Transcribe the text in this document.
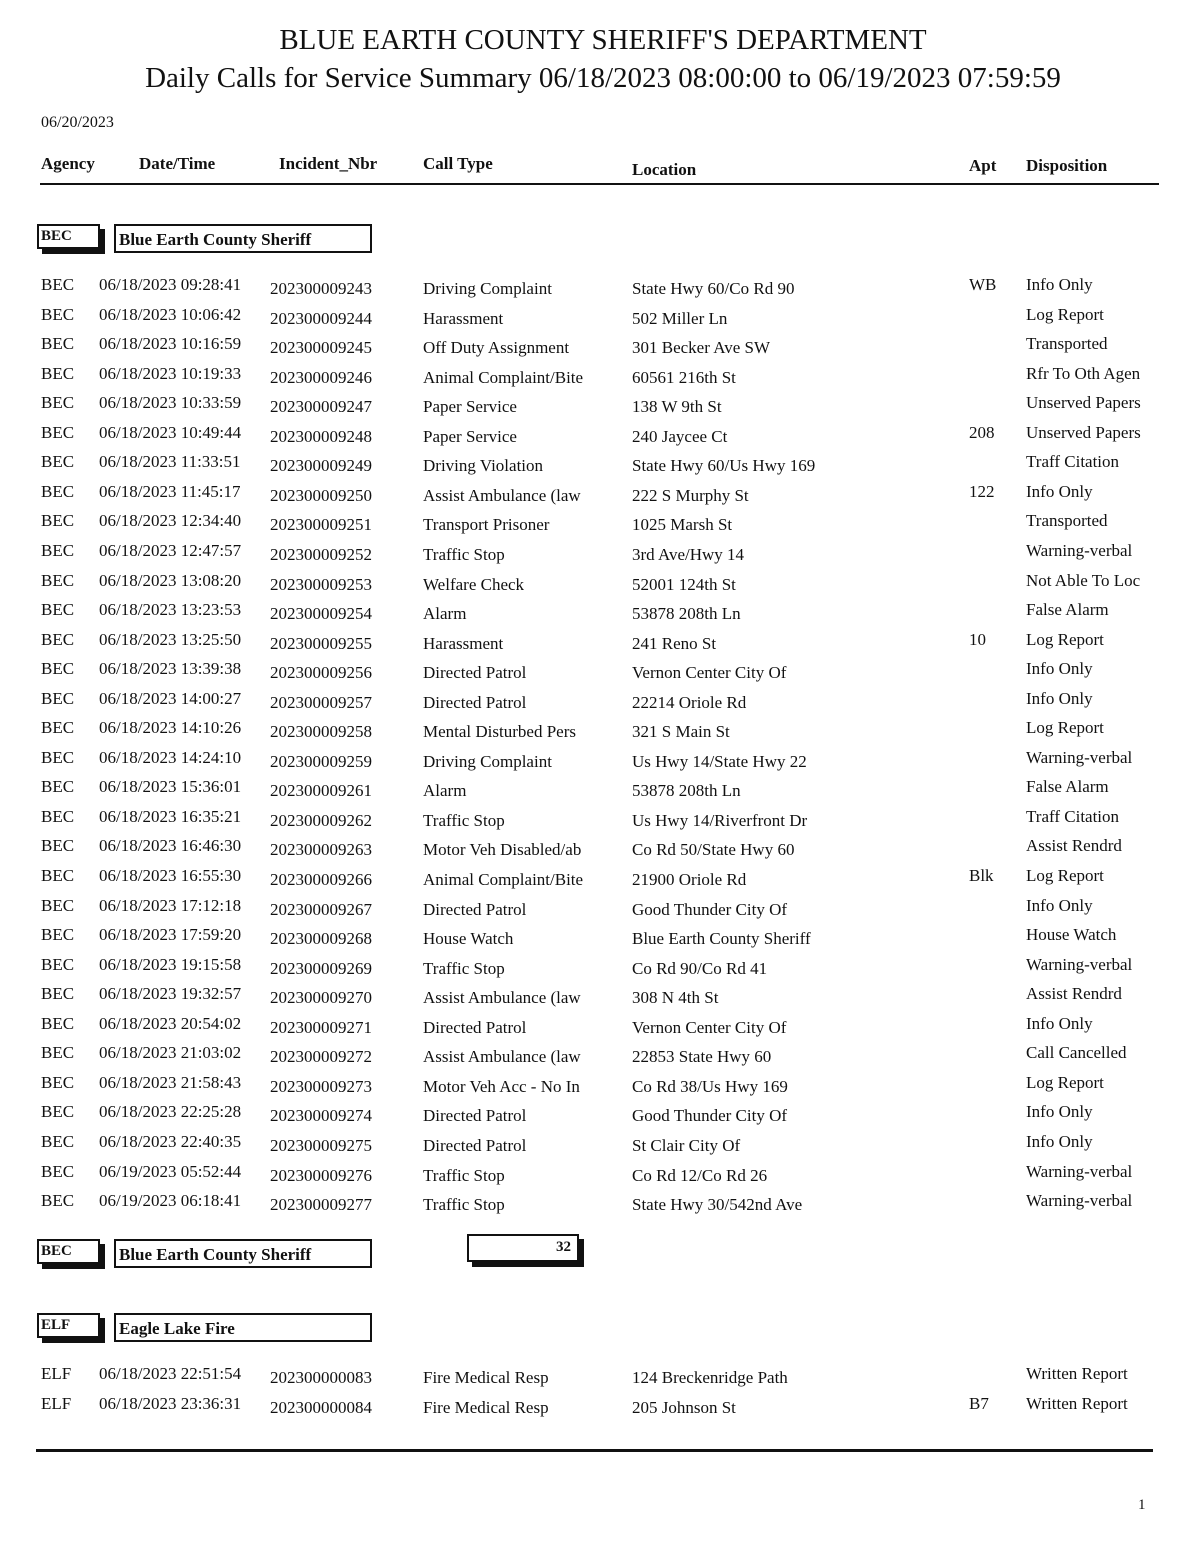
BLUE EARTH COUNTY SHERIFF'S DEPARTMENT
Daily Calls for Service Summary 06/18/2023 08:00:00 to 06/19/2023 07:59:59
06/20/2023
Agency	Date/Time	Incident_Nbr	Call Type	Location	Apt Disposition
BEC	Blue Earth County Sheriff
BEC 06/18/2023 09:28:41 202300009243	Driving Complaint	State Hwy 60/Co Rd 90	WB Info Only
BEC 06/18/2023 10:06:42 202300009244	Harassment	502 Miller Ln	Log Report
BEC 06/18/2023 10:16:59 202300009245	Off Duty Assignment	301 Becker Ave SW	Transported
BEC 06/18/2023 10:19:33 202300009246	Animal Complaint/Bite	60561 216th St	Rfr To Oth Agen
BEC 06/18/2023 10:33:59 202300009247	Paper Service	138 W 9th St	Unserved Papers
BEC 06/18/2023 10:49:44 202300009248	Paper Service	240 Jaycee Ct	208 Unserved Papers
BEC 06/18/2023 11:33:51 202300009249	Driving Violation	State Hwy 60/Us Hwy 169	Traff Citation
BEC 06/18/2023 11:45:17 202300009250	Assist Ambulance (law	222 S Murphy St	122 Info Only
BEC 06/18/2023 12:34:40 202300009251	Transport Prisoner	1025 Marsh St	Transported
BEC 06/18/2023 12:47:57 202300009252	Traffic Stop	3rd Ave/Hwy 14	Warning-verbal
BEC 06/18/2023 13:08:20 202300009253	Welfare Check	52001 124th St	Not Able To Loc
BEC 06/18/2023 13:23:53 202300009254	Alarm	53878 208th Ln	False Alarm
BEC 06/18/2023 13:25:50 202300009255	Harassment	241 Reno St	10 Log Report
BEC 06/18/2023 13:39:38 202300009256	Directed Patrol	Vernon Center City Of	Info Only
BEC 06/18/2023 14:00:27 202300009257	Directed Patrol	22214 Oriole Rd	Info Only
BEC 06/18/2023 14:10:26 202300009258	Mental Disturbed Pers	321 S Main St	Log Report
BEC 06/18/2023 14:24:10 202300009259	Driving Complaint	Us Hwy 14/State Hwy 22	Warning-verbal
BEC 06/18/2023 15:36:01 202300009261	Alarm	53878 208th Ln	False Alarm
BEC 06/18/2023 16:35:21 202300009262	Traffic Stop	Us Hwy 14/Riverfront Dr	Traff Citation
BEC 06/18/2023 16:46:30 202300009263	Motor Veh Disabled/ab	Co Rd 50/State Hwy 60	Assist Rendrd
BEC 06/18/2023 16:55:30 202300009266	Animal Complaint/Bite	21900 Oriole Rd	Blk Log Report
BEC 06/18/2023 17:12:18 202300009267	Directed Patrol	Good Thunder City Of	Info Only
BEC 06/18/2023 17:59:20 202300009268	House Watch	Blue Earth County Sheriff	House Watch
BEC 06/18/2023 19:15:58 202300009269	Traffic Stop	Co Rd 90/Co Rd 41	Warning-verbal
BEC 06/18/2023 19:32:57 202300009270	Assist Ambulance (law	308 N 4th St	Assist Rendrd
BEC 06/18/2023 20:54:02 202300009271	Directed Patrol	Vernon Center City Of	Info Only
BEC 06/18/2023 21:03:02 202300009272	Assist Ambulance (law	22853 State Hwy 60	Call Cancelled
BEC 06/18/2023 21:58:43 202300009273	Motor Veh Acc - No In	Co Rd 38/Us Hwy 169	Log Report
BEC 06/18/2023 22:25:28 202300009274	Directed Patrol	Good Thunder City Of	Info Only
BEC 06/18/2023 22:40:35 202300009275	Directed Patrol	St Clair City Of	Info Only
BEC 06/19/2023 05:52:44 202300009276	Traffic Stop	Co Rd 12/Co Rd 26	Warning-verbal
BEC 06/19/2023 06:18:41 202300009277	Traffic Stop	State Hwy 30/542nd Ave	Warning-verbal
BEC	Blue Earth County Sheriff	32
ELF	Eagle Lake Fire
ELF 06/18/2023 22:51:54 202300000083	Fire Medical Resp	124 Breckenridge Path	Written Report
ELF 06/18/2023 23:36:31 202300000084	Fire Medical Resp	205 Johnson St	B7 Written Report
1
